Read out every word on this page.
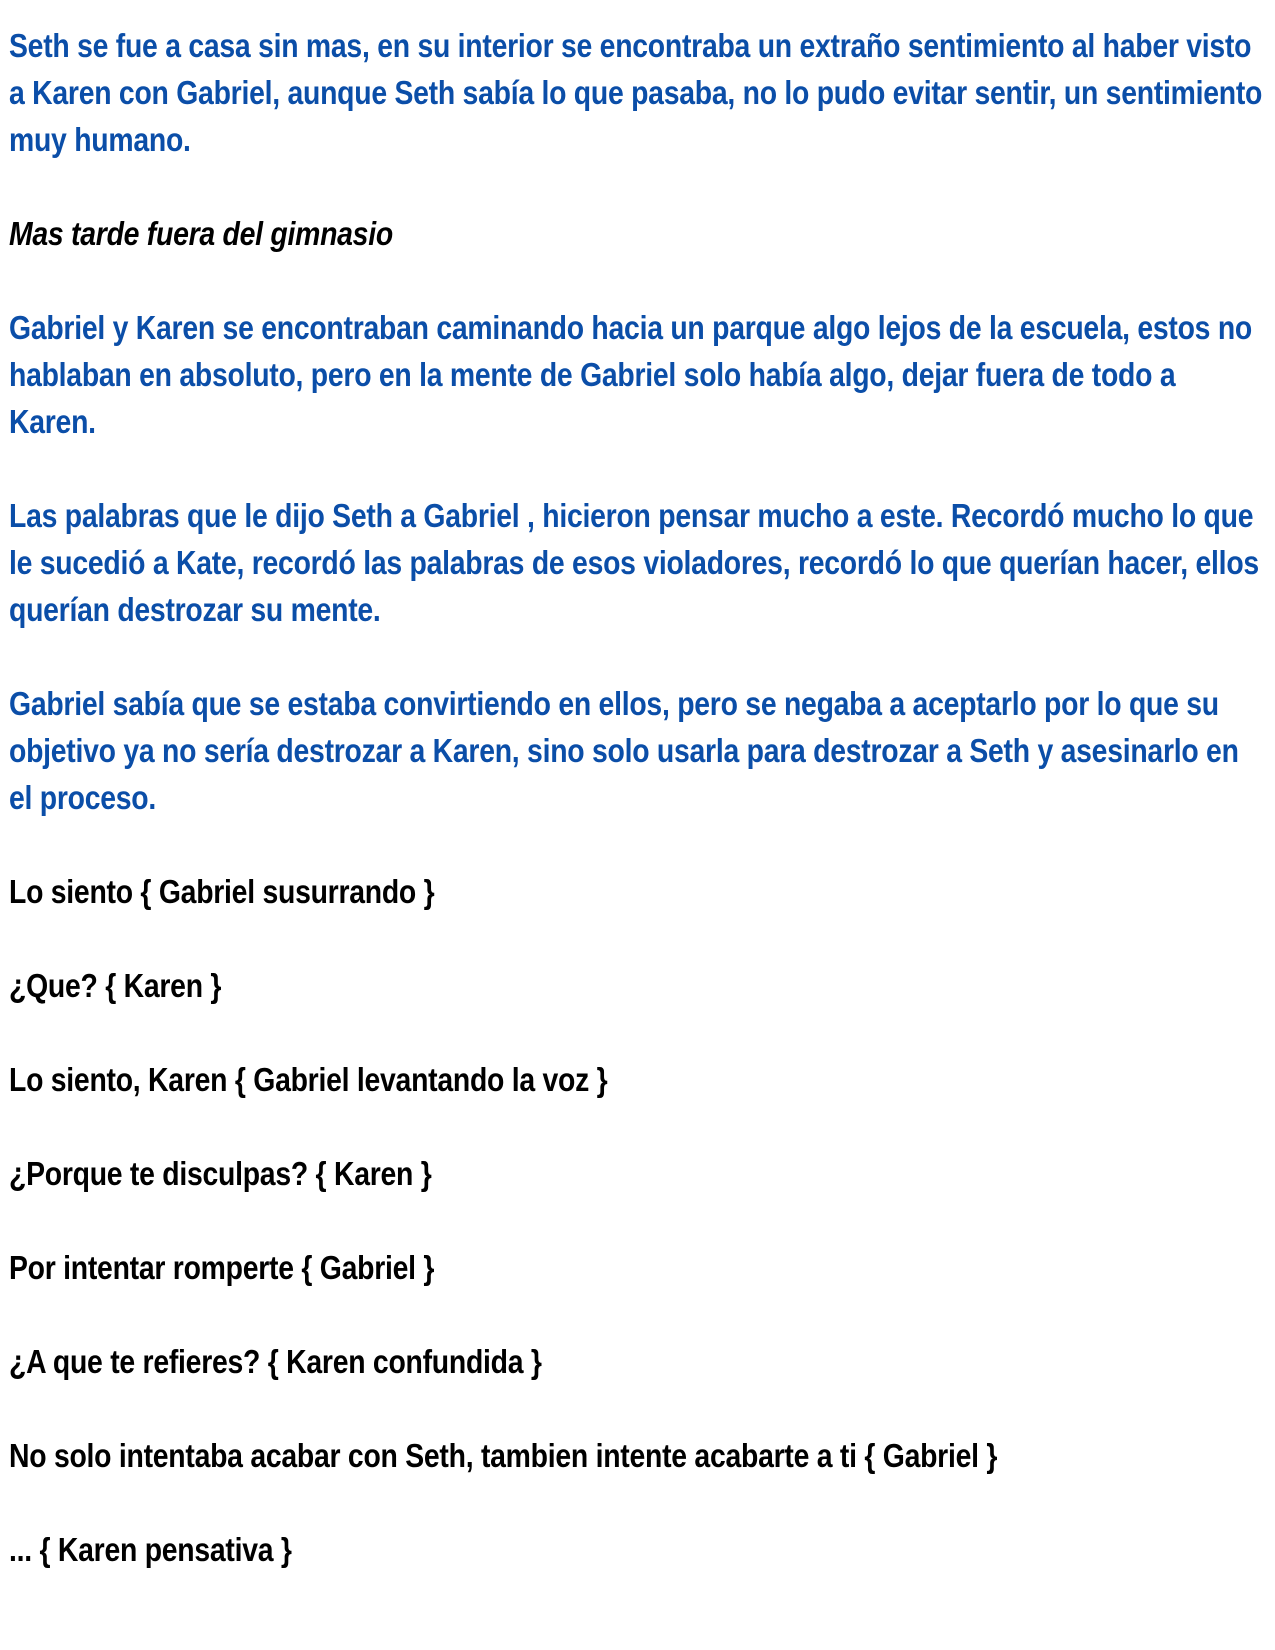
Seth se fue a casa sin mas, en su interior se encontraba un extraño sentimiento al haber visto a Karen con Gabriel, aunque Seth sabía lo que pasaba, no lo pudo evitar sentir, un sentimiento muy humano.

Mas tarde fuera del gimnasio

Gabriel y Karen se encontraban caminando hacia un parque algo lejos de la escuela, estos no hablaban en absoluto, pero en la mente de Gabriel solo había algo, dejar fuera de todo a Karen.

Las palabras que le dijo Seth a Gabriel , hicieron pensar mucho a este. Recordó mucho lo que le sucedió a Kate, recordó las palabras de esos violadores, recordó lo que querían hacer, ellos querían destrozar su mente.

Gabriel sabía que se estaba convirtiendo en ellos, pero se negaba a aceptarlo por lo que su objetivo ya no sería destrozar a Karen, sino solo usarla para destrozar a Seth y asesinarlo en el proceso.

Lo siento { Gabriel susurrando }

¿Que? { Karen }

Lo siento, Karen { Gabriel levantando la voz }

¿Porque te disculpas? { Karen }

Por intentar romperte { Gabriel }

¿A que te refieres? { Karen confundida }

No solo intentaba acabar con Seth, tambien intente acabarte a ti { Gabriel }

... { Karen pensativa }
